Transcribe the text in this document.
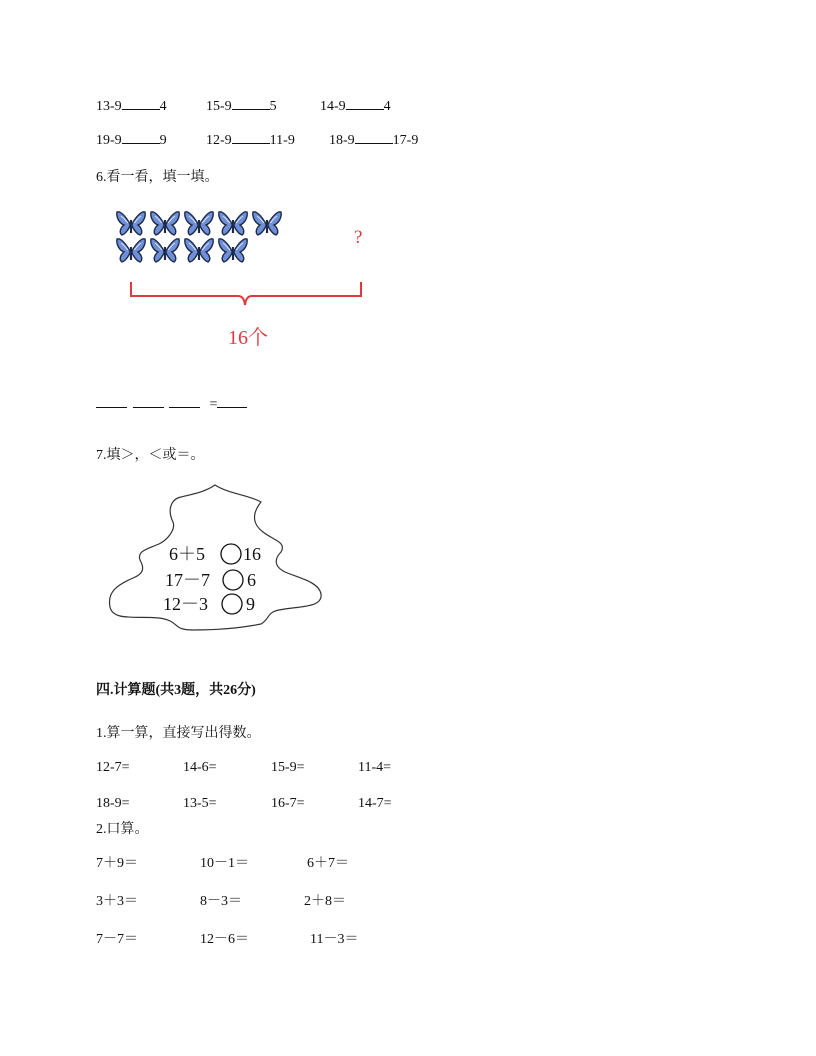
13-9	4	15-9	5	14-9	4
19-9	9	12-9	11-9 18-9	17-9
6.看一看，填一填。
?
16个
=
7.填＞，＜或＝。
6＋5 16
17－7 6
12－3 9
四.计算题(共3题，共26分)
1.算一算，直接写出得数。
12-7=	14-6=	15-9=	11-4=
18-9=	13-5=	16-7=	14-7=
2.口算。
7＋9＝	10－1＝	6＋7＝
3＋3＝	8－3＝	2＋8＝
7－7＝	12－6＝	11－3＝
